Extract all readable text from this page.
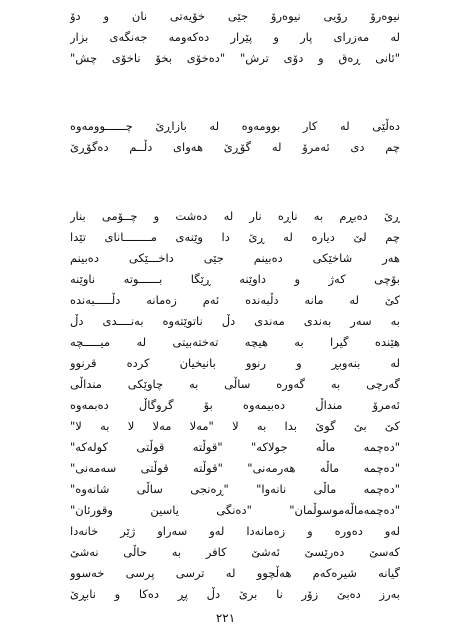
نیوەرۆ رۆیی نیوەرۆ جێی خۆیەتی نان و دۆ
لە مەزرای پار و پێرار دەکەومە جەنگەی بزار
"ئانی ڕەق و دۆی ترش" "دەخۆی بخۆ ناخۆی چش"
دەڵێی لە کار بوومەوە لە بازاڕێ چــــــوومەوە
چم دی ئەمرۆ لە گۆڕێ هەوای دڵــم دەگۆڕێ
ڕێ دەبڕم بە ناڕە نار لە دەشت و چــۆمی بنار
چم لێ دیارە لە ڕێ دا وێنەی مــــــــانای تێدا
هەر شاخێکی دەبینم جێی داخـــێکی دەبینم
بۆچی کەژ و داوێنە ڕێگا بــــــوتە ناوێنە
کێ لە مانە دڵبەندە ئەم زەمانە دڵـــــبەندە
بە سەر بەندی مەندی دڵ ناتوێتەوە بەنــــدی دڵ
هێندە گیرا بە هیچە تەختەبیتی لە میـــــچە
لە بنەوبڕ و رنوو بانیخیان کردە قرنوو
گەرچی بە گەورە ساڵی بە چاوێکی منداڵی
ئەمرۆ منداڵ دەبیمەوە بۆ گروگاڵ دەبمەوە
کێ بێ گوێ بدا بە لا "مەلا مەلا لا بە لا"
"دەچمە ماڵە جولاکە" "قوڵتە قوڵتی کولەکە"
"دەچمە ماڵە هەرمەنی" "قوڵتە قوڵتی سەمەنی"
"دەچمە ماڵی نانەوا" "ڕەنجی ساڵی شانەوە"
"دەچمەماڵەموسوڵمان" "دەنگی یاسین وقورئان"
لەو دەورە و زەمانەدا لەو سەراو ژێر خانەدا
کەسێ دەرێسێ ئەشێ کافر بە حاڵی نەشێ
گیانە شیرەکەم هەڵچوو لە ترسی پرسی خەسوو
بەرز دەبێ زۆر نا برێ دڵ پڕ دەکا و نابڕێ
٢٢١
